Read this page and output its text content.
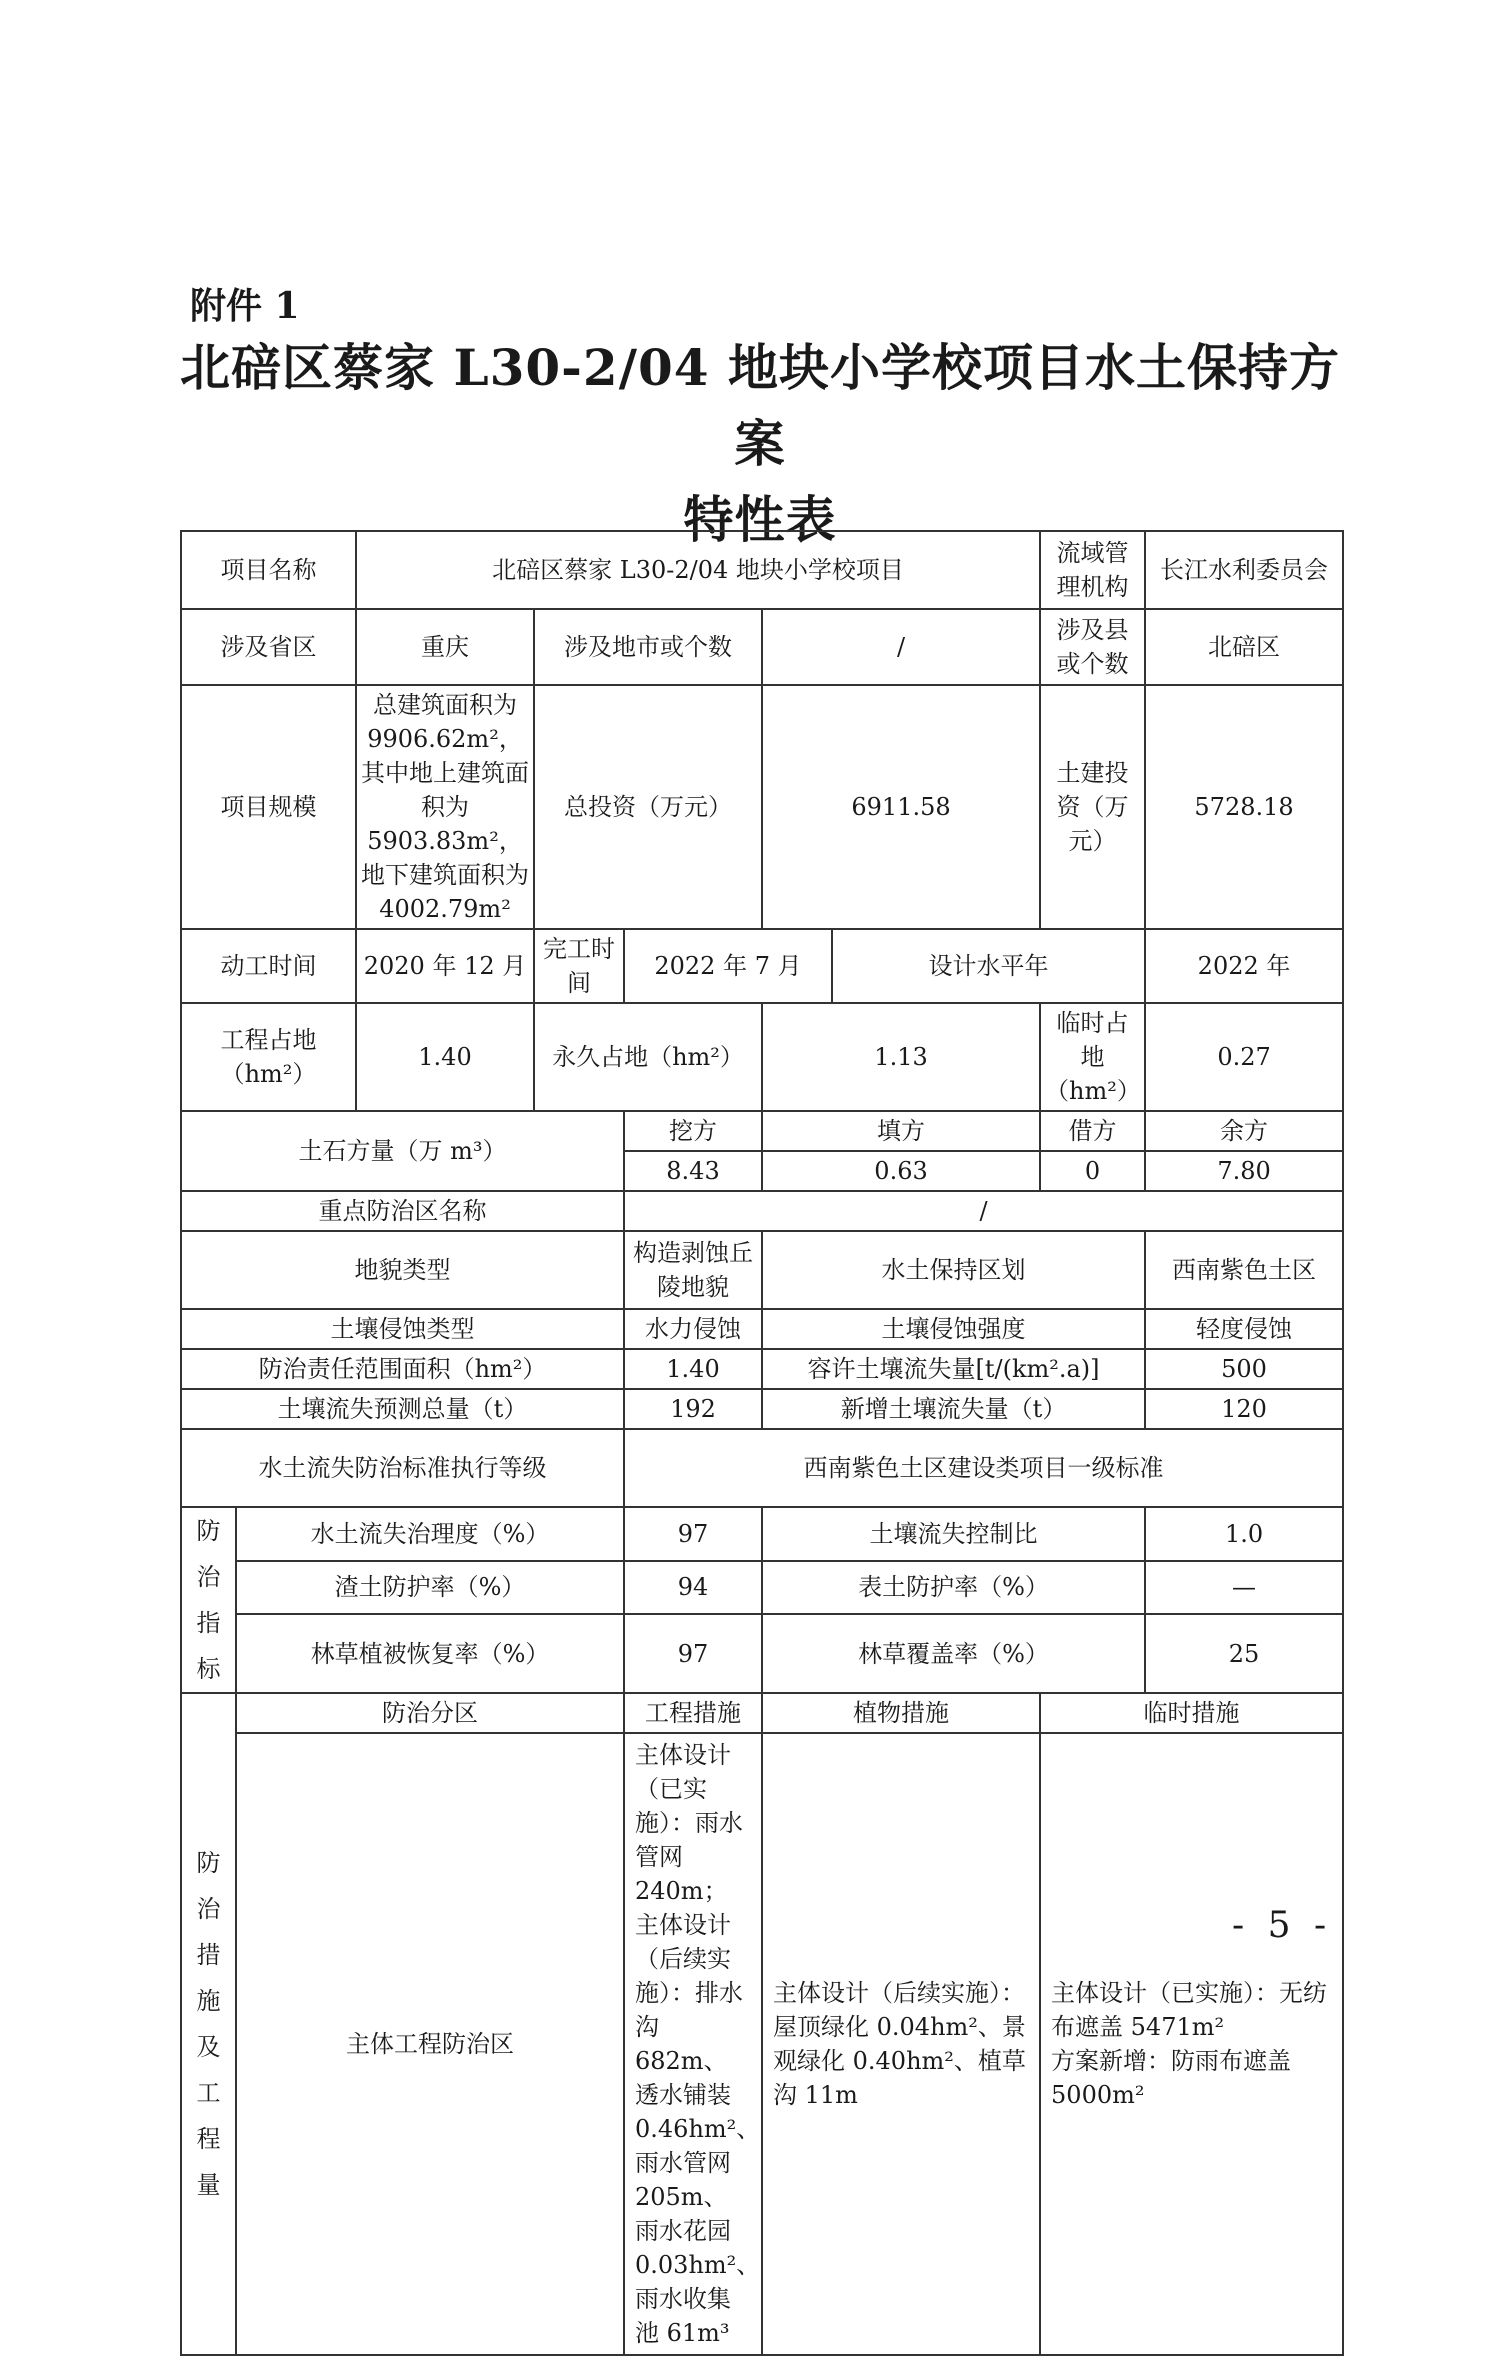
附件 1
北碚区蔡家 L30-2/04 地块小学校项目水土保持方案
特性表
项目名称		北碚区蔡家 L30-2/04 地块小学校项目					流域管理机构	长江水利委员会
涉及省区		重庆	涉及地市或个数		/		涉及县或个数	北碚区
项目规模		总建筑面积为 9906.62m²，其中地上建筑面积为 5903.83m²，地下建筑面积为 4002.79m²	总投资（万元）		6911.58		土建投资（万元）	5728.18
动工时间		2020 年 12 月	完工时间	2022 年 7 月		设计水平年		2022 年
工程占地（hm²）		1.40	永久占地（hm²）		1.13		临时占地（hm²）	0.27
土石方量（万 m³）				挖方	填方		借方	余方
				8.43	0.63		0	7.80
重点防治区名称				/				
地貌类型				构造剥蚀丘陵地貌	水土保持区划			西南紫色土区
土壤侵蚀类型				水力侵蚀	土壤侵蚀强度			轻度侵蚀
防治责任范围面积（hm²）				1.40	容许土壤流失量[t/(km².a)]			500
土壤流失预测总量（t）				192	新增土壤流失量（t）			120
水土流失防治标准执行等级				西南紫色土区建设类项目一级标准				
防治指标	水土流失治理度（%）			97	土壤流失控制比			1.0
	渣土防护率（%）			94	表土防护率（%）			—
	林草植被恢复率（%）			97	林草覆盖率（%）			25
防治措施及工程量	防治分区			工程措施	植物措施		临时措施	
	主体工程防治区			主体设计（已实施）：雨水管网 240m；主体设计（后续实施）：排水沟 682m、透水铺装 0.46hm²、雨水管网 205m、雨水花园 0.03hm²、雨水收集池 61m³	主体设计（后续实施）：屋顶绿化 0.04hm²、景观绿化 0.40hm²、植草沟 11m		主体设计（已实施）：无纺布遮盖 5471m²
方案新增：防雨布遮盖 5000m²	
- 5 -
